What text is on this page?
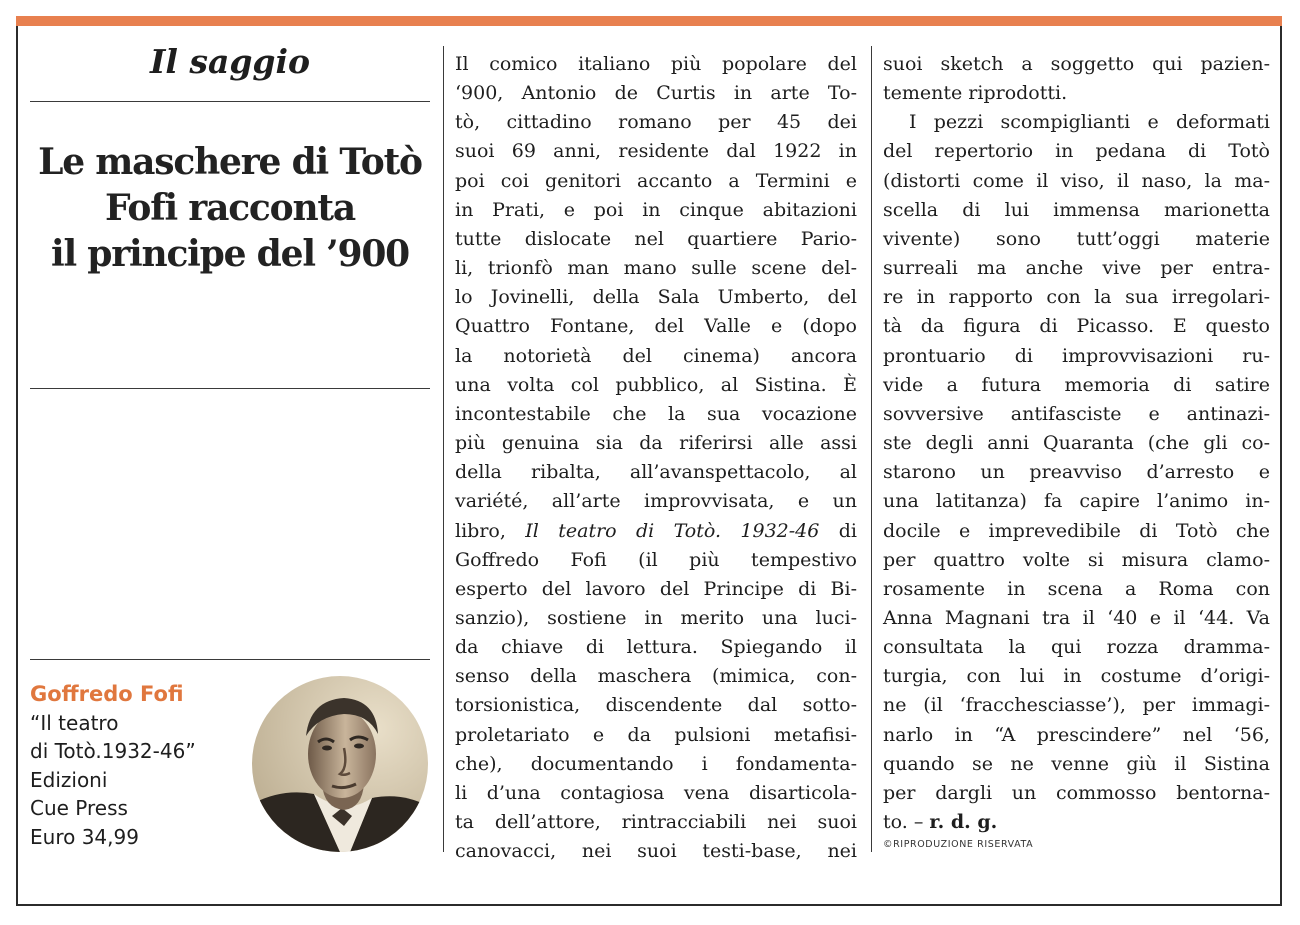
Il saggio
Le maschere di Totò
Fofi racconta
il principe del ’900
Goffredo Fofi
“Il teatro
di Totò.1932-46”
Edizioni
Cue Press
Euro 34,99
Il comico italiano più popolare del
‘900, Antonio de Curtis in arte To-
tò, cittadino romano per 45 dei
suoi 69 anni, residente dal 1922 in
poi coi genitori accanto a Termini e
in Prati, e poi in cinque abitazioni
tutte dislocate nel quartiere Pario-
li, trionfò man mano sulle scene del-
lo Jovinelli, della Sala Umberto, del
Quattro Fontane, del Valle e (dopo
la notorietà del cinema) ancora
una volta col pubblico, al Sistina. È
incontestabile che la sua vocazione
più genuina sia da riferirsi alle assi
della ribalta, all’avanspettacolo, al
variété, all’arte improvvisata, e un
libro, Il teatro di Totò. 1932-46 di
Goffredo Fofi (il più tempestivo
esperto del lavoro del Principe di Bi-
sanzio), sostiene in merito una luci-
da chiave di lettura. Spiegando il
senso della maschera (mimica, con-
torsionistica, discendente dal sotto-
proletariato e da pulsioni metafisi-
che), documentando i fondamenta-
li d’una contagiosa vena disarticola-
ta dell’attore, rintracciabili nei suoi
canovacci, nei suoi testi-base, nei
suoi sketch a soggetto qui pazien-
temente riprodotti.
I pezzi scompiglianti e deformati
del repertorio in pedana di Totò
(distorti come il viso, il naso, la ma-
scella di lui immensa marionetta
vivente) sono tutt’oggi materie
surreali ma anche vive per entra-
re in rapporto con la sua irregolari-
tà da figura di Picasso. E questo
prontuario di improvvisazioni ru-
vide a futura memoria di satire
sovversive antifasciste e antinazi-
ste degli anni Quaranta (che gli co-
starono un preavviso d’arresto e
una latitanza) fa capire l’animo in-
docile e imprevedibile di Totò che
per quattro volte si misura clamo-
rosamente in scena a Roma con
Anna Magnani tra il ‘40 e il ‘44. Va
consultata la qui rozza dramma-
turgia, con lui in costume d’origi-
ne (il ‘fracchesciasse’), per immagi-
narlo in “A prescindere” nel ‘56,
quando se ne venne giù il Sistina
per dargli un commosso bentorna-
to. – r. d. g.
©RIPRODUZIONE RISERVATA
